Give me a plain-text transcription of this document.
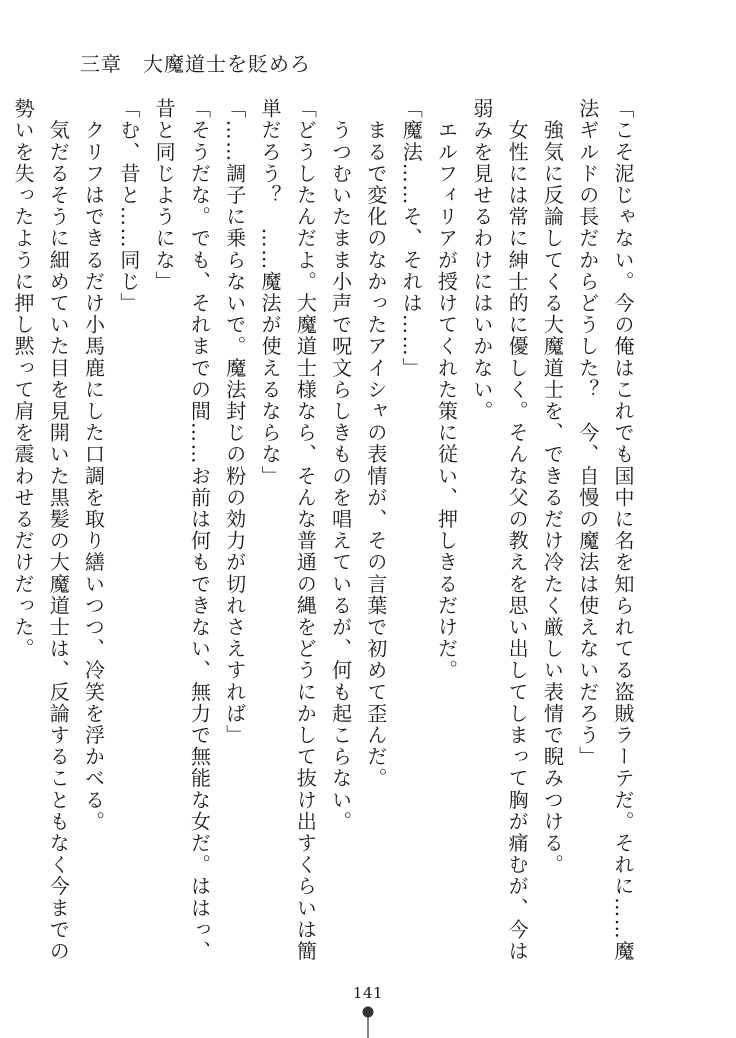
三章　大魔道士を貶めろ

「こそ泥じゃない。今の俺はこれでも国中に名を知られてる盗賊ラーテだ。それに……魔

法ギルドの長だからどうした？　今、自慢の魔法は使えないだろう」

　強気に反論してくる大魔道士を、できるだけ冷たく厳しい表情で睨みつける。

　女性には常に紳士的に優しく。そんな父の教えを思い出してしまって胸が痛むが、今は

弱みを見せるわけにはいかない。

　エルフィリアが授けてくれた策に従い、押しきるだけだ。

「魔法……そ、それは……」

　まるで変化のなかったアイシャの表情が、その言葉で初めて歪んだ。

　うつむいたまま小声で呪文らしきものを唱えているが、何も起こらない。

「どうしたんだよ。大魔道士様なら、そんな普通の縄をどうにかして抜け出すくらいは簡

単だろう？　……魔法が使えるならな」

「……調子に乗らないで。魔法封じの粉の効力が切れさえすれば」

「そうだな。でも、それまでの間……お前は何もできない、無力で無能な女だ。ははっ、

昔と同じようにな」

「む、昔と……同じ」

　クリフはできるだけ小馬鹿にした口調を取り繕いつつ、冷笑を浮かべる。

　気だるそうに細めていた目を見開いた黒髪の大魔道士は、反論することもなく今までの

勢いを失ったように押し黙って肩を震わせるだけだった。

141
